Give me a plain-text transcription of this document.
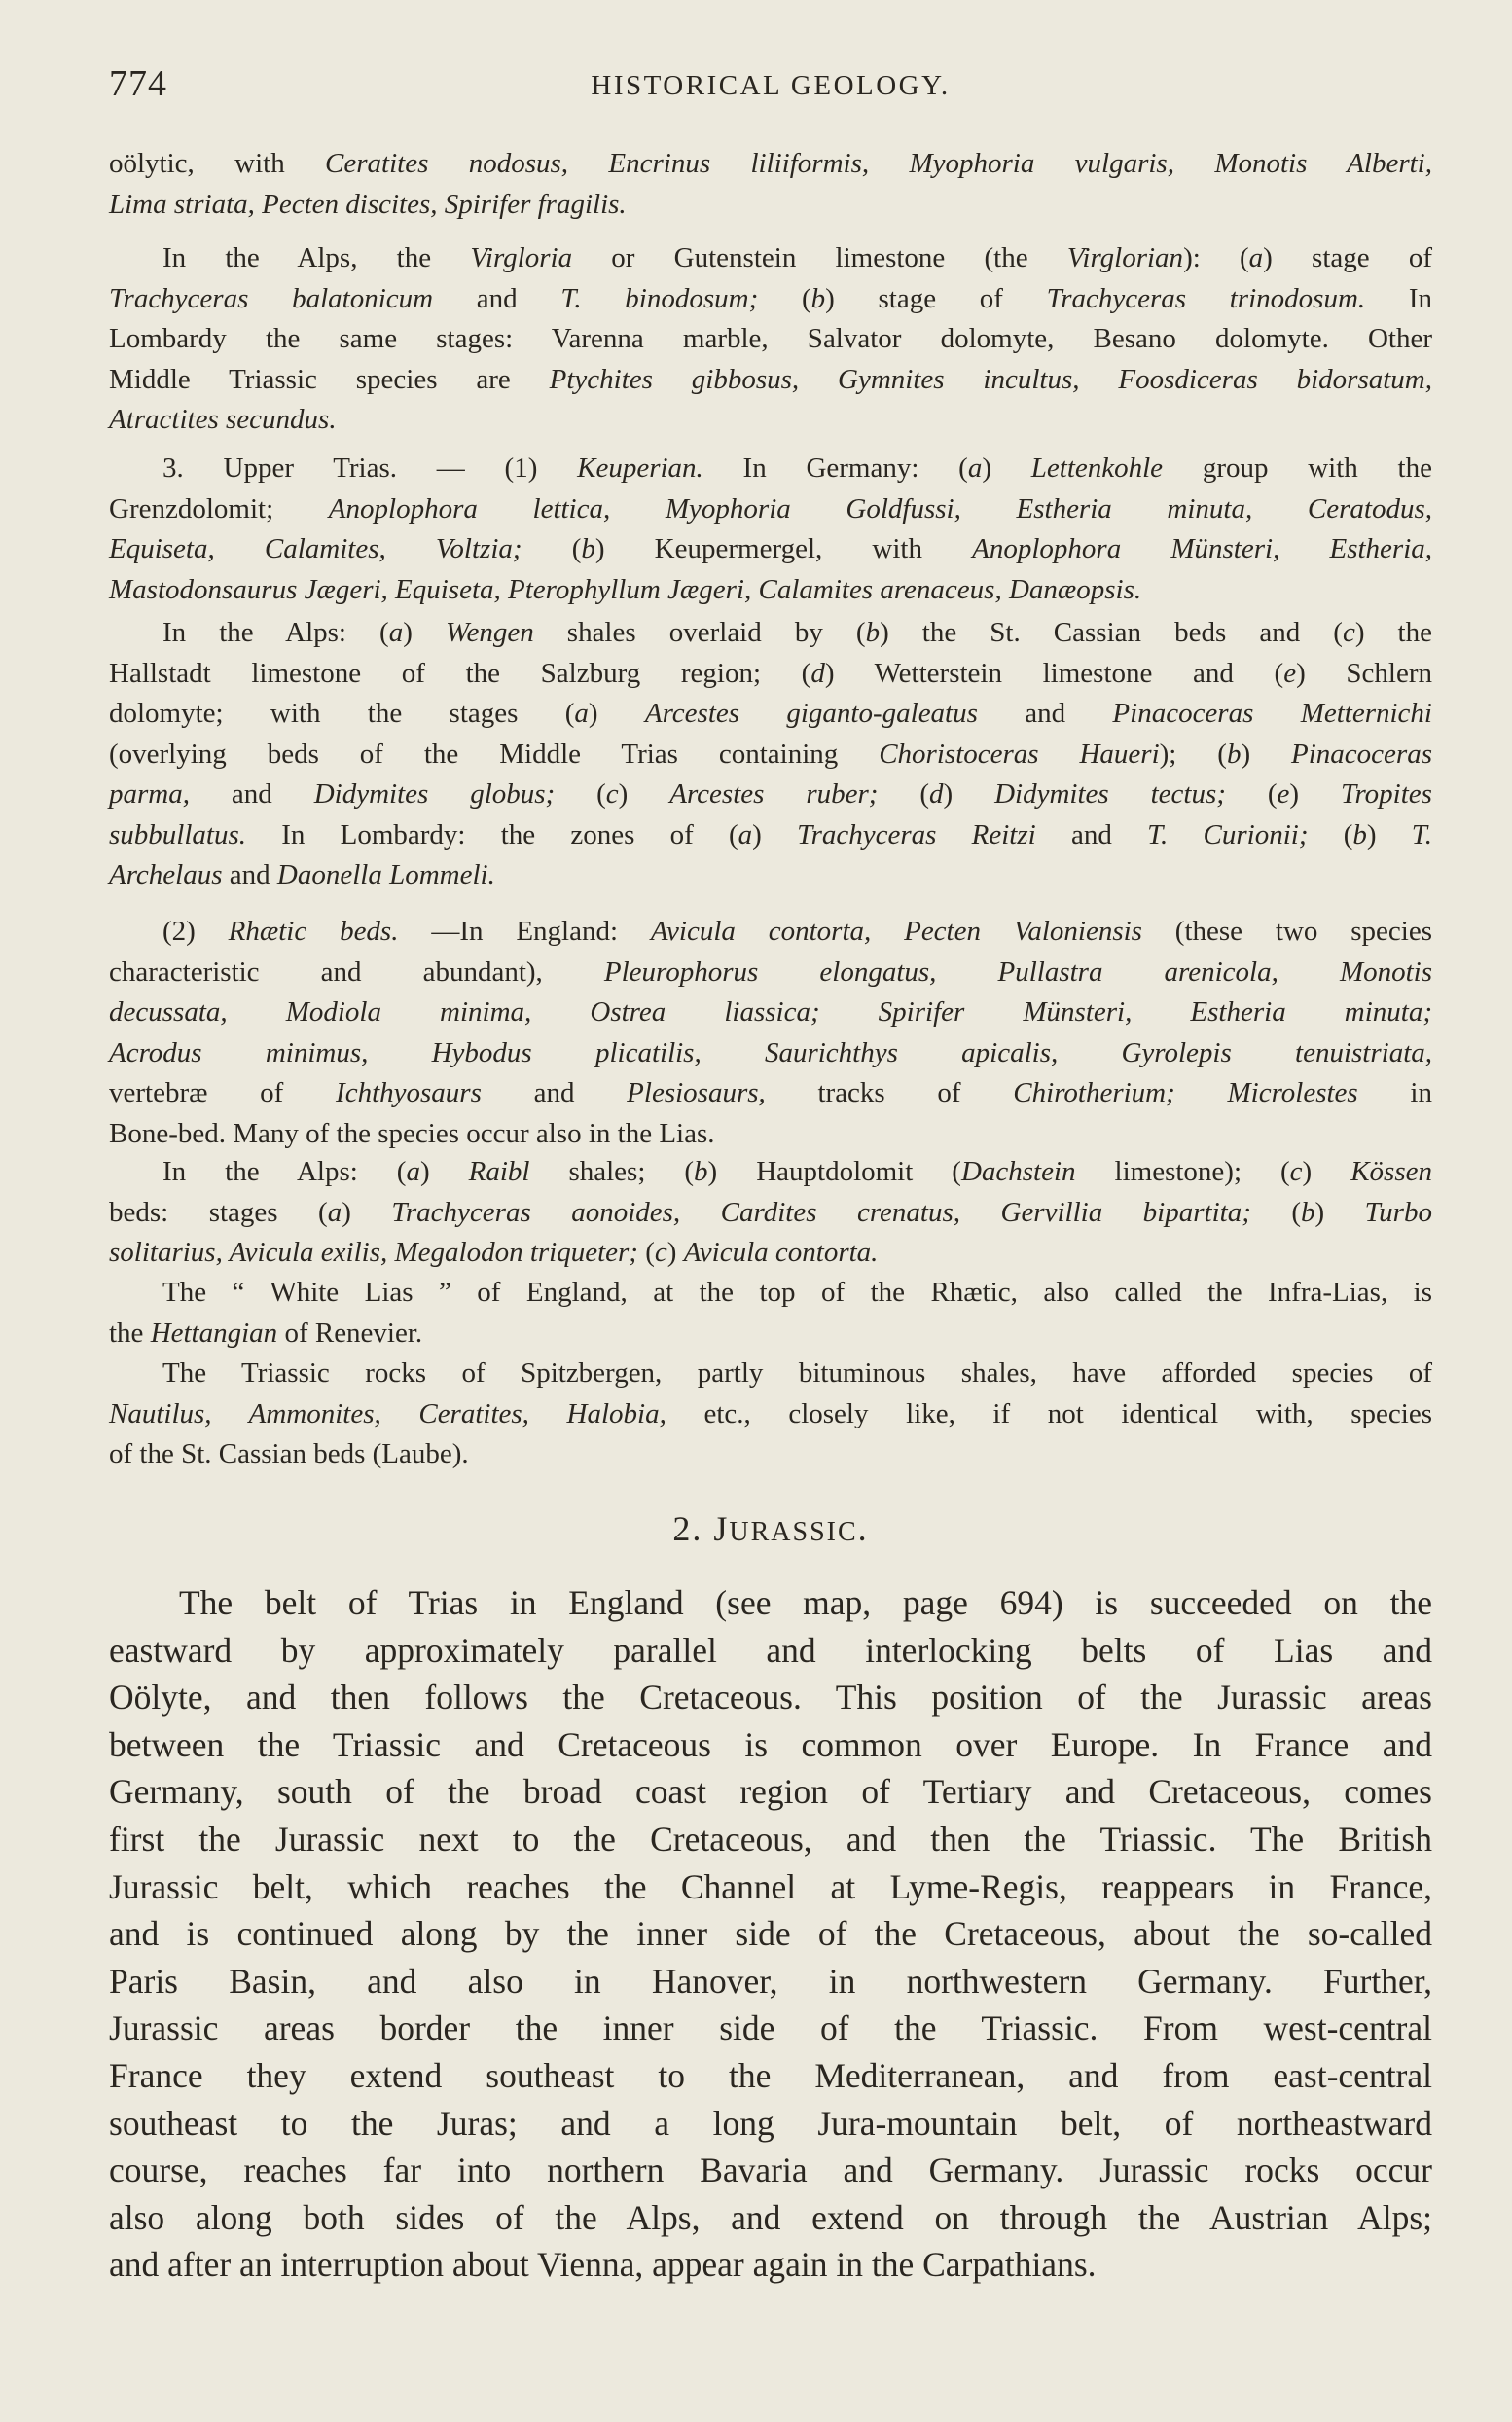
774	HISTORICAL GEOLOGY.

oölytic, with Ceratites nodosus, Encrinus liliiformis, Myophoria vulgaris, Monotis Alberti,
Lima striata, Pecten discites, Spirifer fragilis.

In the Alps, the Virgloria or Gutenstein limestone (the Virglorian): (a) stage of
Trachyceras balatonicum and T. binodosum; (b) stage of Trachyceras trinodosum. In
Lombardy the same stages: Varenna marble, Salvator dolomyte, Besano dolomyte. Other
Middle Triassic species are Ptychites gibbosus, Gymnites incultus, Foosdiceras bidorsatum,
Atractites secundus.

3. Upper Trias. — (1) Keuperian. In Germany: (a) Lettenkohle group with the
Grenzdolomit; Anoplophora lettica, Myophoria Goldfussi, Estheria minuta, Ceratodus,
Equiseta, Calamites, Voltzia; (b) Keupermergel, with Anoplophora Münsteri, Estheria,
Mastodonsaurus Jægeri, Equiseta, Pterophyllum Jægeri, Calamites arenaceus, Danæopsis.

In the Alps: (a) Wengen shales overlaid by (b) the St. Cassian beds and (c) the
Hallstadt limestone of the Salzburg region; (d) Wetterstein limestone and (e) Schlern
dolomyte; with the stages (a) Arcestes giganto-galeatus and Pinacoceras Metternichi
(overlying beds of the Middle Trias containing Choristoceras Haueri); (b) Pinacoceras
parma, and Didymites globus; (c) Arcestes ruber; (d) Didymites tectus; (e) Tropites
subbullatus. In Lombardy: the zones of (a) Trachyceras Reitzi and T. Curionii; (b) T.
Archelaus and Daonella Lommeli.

(2) Rhætic beds. —In England: Avicula contorta, Pecten Valoniensis (these two species
characteristic and abundant), Pleurophorus elongatus, Pullastra arenicola, Monotis
decussata, Modiola minima, Ostrea liassica; Spirifer Münsteri, Estheria minuta;
Acrodus minimus, Hybodus plicatilis, Saurichthys apicalis, Gyrolepis tenuistriata,
vertebræ of Ichthyosaurs and Plesiosaurs, tracks of Chirotherium; Microlestes in
Bone-bed. Many of the species occur also in the Lias.

In the Alps: (a) Raibl shales; (b) Hauptdolomit (Dachstein limestone); (c) Kössen
beds: stages (a) Trachyceras aonoides, Cardites crenatus, Gervillia bipartita; (b) Turbo
solitarius, Avicula exilis, Megalodon triqueter; (c) Avicula contorta.

The “ White Lias ” of England, at the top of the Rhætic, also called the Infra-Lias, is
the Hettangian of Renevier.

The Triassic rocks of Spitzbergen, partly bituminous shales, have afforded species of
Nautilus, Ammonites, Ceratites, Halobia, etc., closely like, if not identical with, species
of the St. Cassian beds (Laube).

2. JURASSIC.

The belt of Trias in England (see map, page 694) is succeeded on the
eastward by approximately parallel and interlocking belts of Lias and
Oölyte, and then follows the Cretaceous. This position of the Jurassic areas
between the Triassic and Cretaceous is common over Europe. In France and
Germany, south of the broad coast region of Tertiary and Cretaceous, comes
first the Jurassic next to the Cretaceous, and then the Triassic. The British
Jurassic belt, which reaches the Channel at Lyme-Regis, reappears in France,
and is continued along by the inner side of the Cretaceous, about the so-called
Paris Basin, and also in Hanover, in northwestern Germany. Further,
Jurassic areas border the inner side of the Triassic. From west-central
France they extend southeast to the Mediterranean, and from east-central
southeast to the Juras; and a long Jura-mountain belt, of northeastward
course, reaches far into northern Bavaria and Germany. Jurassic rocks occur
also along both sides of the Alps, and extend on through the Austrian Alps;
and after an interruption about Vienna, appear again in the Carpathians.
